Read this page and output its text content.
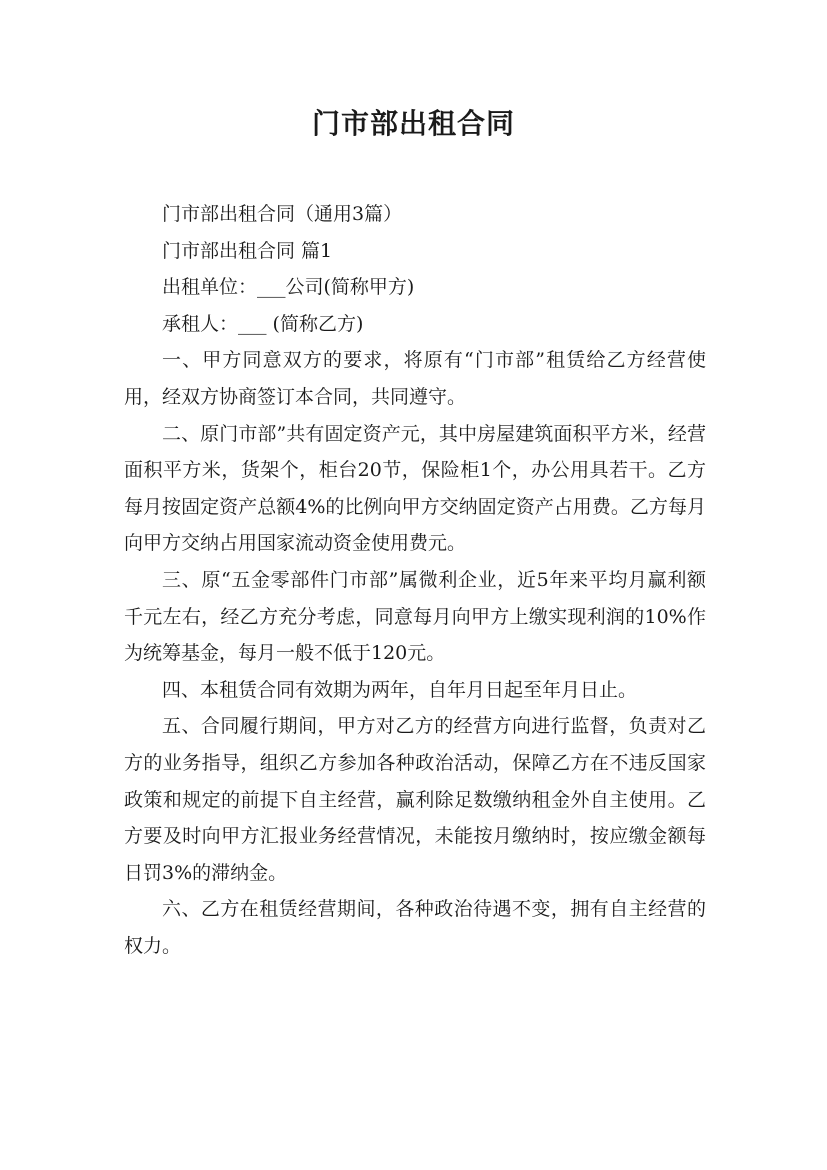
门市部出租合同

门市部出租合同（通用3篇）

门市部出租合同 篇1

出租单位：___公司(简称甲方)

承租人：___ (简称乙方)

一、甲方同意双方的要求，将原有“门市部”租赁给乙方经营使用，经双方协商签订本合同，共同遵守。

二、原门市部”共有固定资产元，其中房屋建筑面积平方米，经营面积平方米，货架个，柜台20节，保险柜1个，办公用具若干。乙方每月按固定资产总额4%的比例向甲方交纳固定资产占用费。乙方每月向甲方交纳占用国家流动资金使用费元。

三、原“五金零部件门市部”属微利企业，近5年来平均月赢利额千元左右，经乙方充分考虑，同意每月向甲方上缴实现利润的10%作为统筹基金，每月一般不低于120元。

四、本租赁合同有效期为两年，自年月日起至年月日止。

五、合同履行期间，甲方对乙方的经营方向进行监督，负责对乙方的业务指导，组织乙方参加各种政治活动，保障乙方在不违反国家政策和规定的前提下自主经营，赢利除足数缴纳租金外自主使用。乙方要及时向甲方汇报业务经营情况，未能按月缴纳时，按应缴金额每日罚3%的滞纳金。

六、乙方在租赁经营期间，各种政治待遇不变，拥有自主经营的权力。
